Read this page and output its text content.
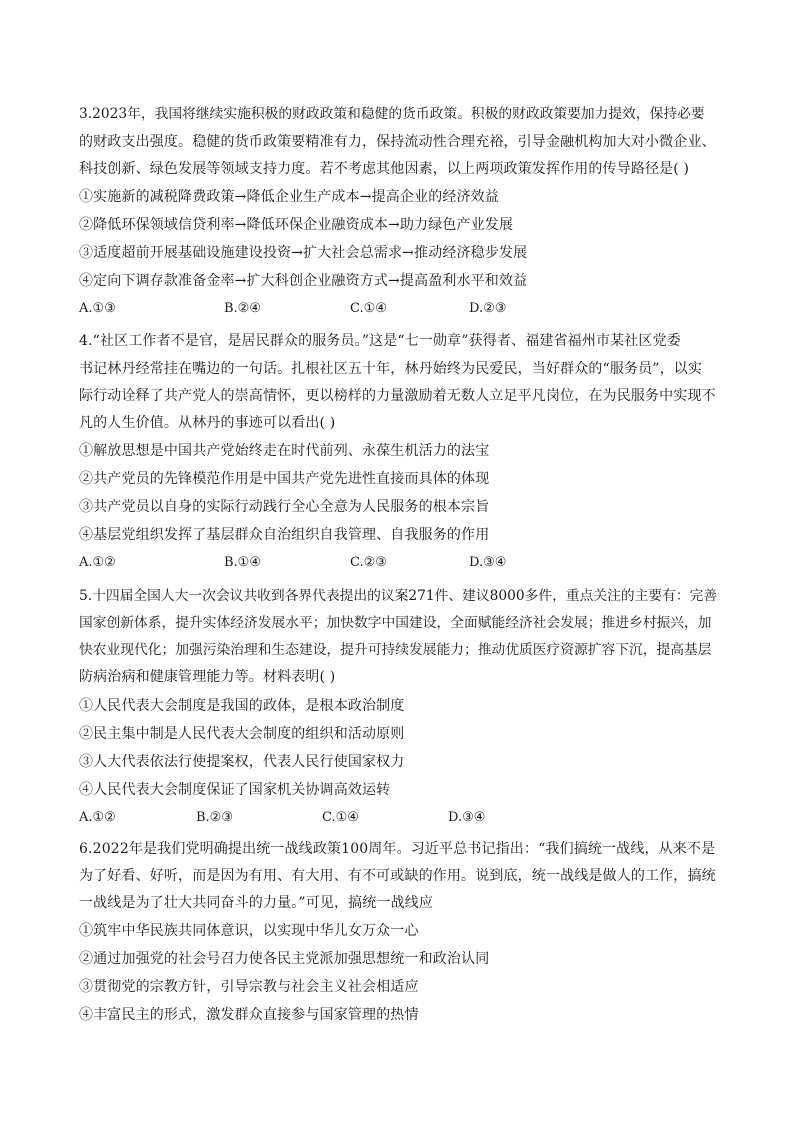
3.2023年，我国将继续实施积极的财政政策和稳健的货币政策。积极的财政政策要加力提效，保持必要
的财政支出强度。稳健的货币政策要精准有力，保持流动性合理充裕，引导金融机构加大对小微企业、
科技创新、绿色发展等领域支持力度。若不考虑其他因素，以上两项政策发挥作用的传导路径是( )
①实施新的减税降费政策→降低企业生产成本→提高企业的经济效益
②降低环保领域信贷利率→降低环保企业融资成本→助力绿色产业发展
③适度超前开展基础设施建设投资→扩大社会总需求→推动经济稳步发展
④定向下调存款准备金率→扩大科创企业融资方式→提高盈利水平和效益
A.①③	B.②④	C.①④	D.②③
4.“社区工作者不是官，是居民群众的服务员。”这是“七一勋章”获得者、福建省福州市某社区党委
书记林丹经常挂在嘴边的一句话。扎根社区五十年，林丹始终为民爱民，当好群众的“服务员”，以实
际行动诠释了共产党人的崇高情怀，更以榜样的力量激励着无数人立足平凡岗位，在为民服务中实现不
凡的人生价值。从林丹的事迹可以看出( )
①解放思想是中国共产党始终走在时代前列、永葆生机活力的法宝
②共产党员的先锋模范作用是中国共产党先进性直接而具体的体现
③共产党员以自身的实际行动践行全心全意为人民服务的根本宗旨
④基层党组织发挥了基层群众自治组织自我管理、自我服务的作用
A.①②	B.①④	C.②③	D.③④
5.十四届全国人大一次会议共收到各界代表提出的议案271件、建议8000多件，重点关注的主要有：完善
国家创新体系，提升实体经济发展水平；加快数字中国建设，全面赋能经济社会发展；推进乡村振兴，加
快农业现代化；加强污染治理和生态建设，提升可持续发展能力；推动优质医疗资源扩容下沉，提高基层
防病治病和健康管理能力等。材料表明( )
①人民代表大会制度是我国的政体，是根本政治制度
②民主集中制是人民代表大会制度的组织和活动原则
③人大代表依法行使提案权，代表人民行使国家权力
④人民代表大会制度保证了国家机关协调高效运转
A.①②	B.②③	C.①④	D.③④
6.2022年是我们党明确提出统一战线政策100周年。习近平总书记指出：“我们搞统一战线，从来不是
为了好看、好听，而是因为有用、有大用、有不可或缺的作用。说到底，统一战线是做人的工作，搞统
一战线是为了壮大共同奋斗的力量。”可见，搞统一战线应
①筑牢中华民族共同体意识，以实现中华儿女万众一心
②通过加强党的社会号召力使各民主党派加强思想统一和政治认同
③贯彻党的宗教方针，引导宗教与社会主义社会相适应
④丰富民主的形式，激发群众直接参与国家管理的热情
